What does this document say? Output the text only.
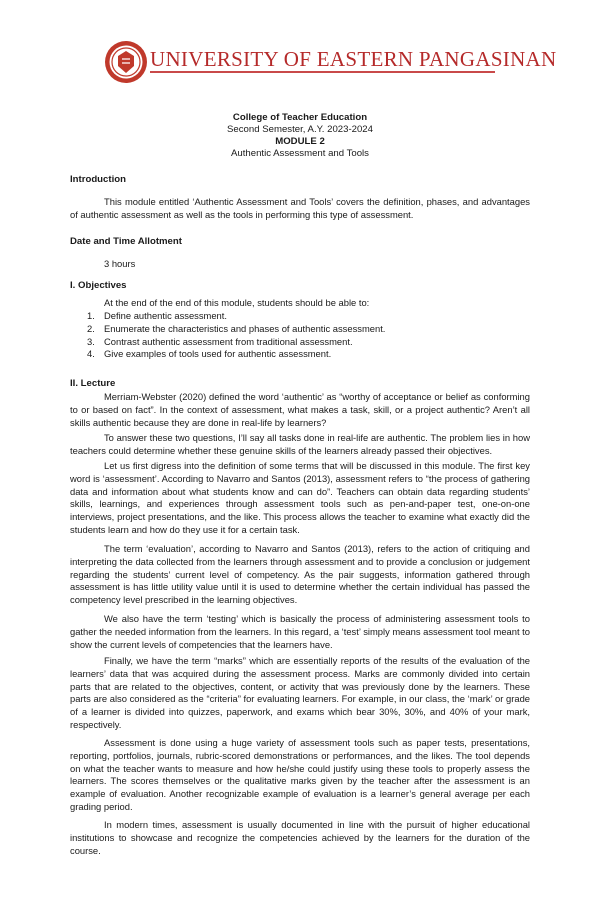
UNIVERSITY OF EASTERN PANGASINAN
College of Teacher Education
Second Semester, A.Y. 2023-2024
MODULE 2
Authentic Assessment and Tools
Introduction

This module entitled ‘Authentic Assessment and Tools’ covers the definition, phases, and advantages of authentic assessment as well as the tools in performing this type of assessment.

Date and Time Allotment
3 hours
I. Objectives
At the end of the end of this module, students should be able to:
1. Define authentic assessment.
2. Enumerate the characteristics and phases of authentic assessment.
3. Contrast authentic assessment from traditional assessment.
4. Give examples of tools used for authentic assessment.
II. Lecture

Merriam-Webster (2020) defined the word ‘authentic’ as “worthy of acceptance or belief as conforming to or based on fact”. In the context of assessment, what makes a task, skill, or a project authentic? Aren’t all skills authentic because they are done in real-life by learners?

To answer these two questions, I’ll say all tasks done in real-life are authentic. The problem lies in how teachers could determine whether these genuine skills of the learners already passed their objectives.

Let us first digress into the definition of some terms that will be discussed in this module. The first key word is ‘assessment’. According to Navarro and Santos (2013), assessment refers to “the process of gathering data and information about what students know and can do”. Teachers can obtain data regarding students’ skills, learnings, and experiences through assessment tools such as pen-and-paper test, one-on-one interviews, project presentations, and the like. This process allows the teacher to examine what exactly did the students learn and how do they use it for a certain task.

The term ‘evaluation’, according to Navarro and Santos (2013), refers to the action of critiquing and interpreting the data collected from the learners through assessment and to provide a conclusion or judgement regarding the students’ current level of competency. As the pair suggests, information gathered through assessment is has little utility value until it is used to determine whether the certain individual has passed the competency level prescribed in the learning objectives.

We also have the term ‘testing’ which is basically the process of administering assessment tools to gather the needed information from the learners. In this regard, a ‘test’ simply means assessment tool meant to show the current levels of competencies that the learners have.

Finally, we have the term “marks” which are essentially reports of the results of the evaluation of the learners’ data that was acquired during the assessment process. Marks are commonly divided into certain parts that are related to the objectives, content, or activity that was previously done by the learners. These parts are also considered as the “criteria” for evaluating learners. For example, in our class, the ‘mark’ or grade of a learner is divided into quizzes, paperwork, and exams which bear 30%, 30%, and 40% of your mark, respectively.

Assessment is done using a huge variety of assessment tools such as paper tests, presentations, reporting, portfolios, journals, rubric-scored demonstrations or performances, and the likes. The tool depends on what the teacher wants to measure and how he/she could justify using these tools to properly assess the learners. The scores themselves or the qualitative marks given by the teacher after the assessment is an example of evaluation. Another recognizable example of evaluation is a learner’s general average per each grading period.

In modern times, assessment is usually documented in line with the pursuit of higher educational institutions to showcase and recognize the competencies achieved by the learners for the duration of the course.
